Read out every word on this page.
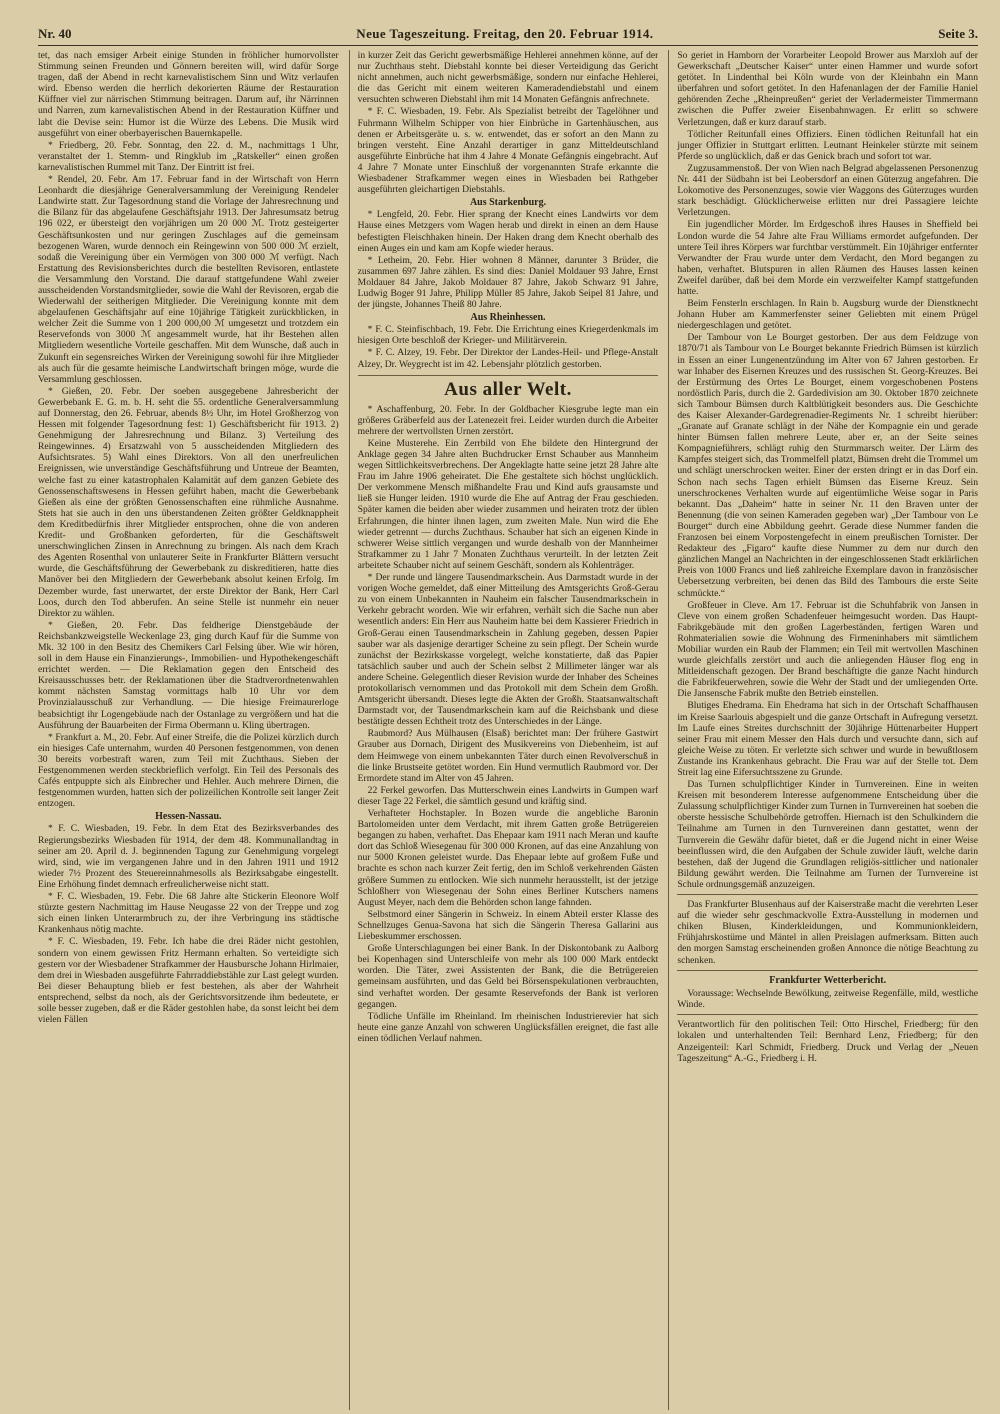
Nr. 40	Neue Tageszeitung. Freitag, den 20. Februar 1914.	Seite 3.

tet, das nach emsiger Arbeit einige Stunden in fröhlicher humorvollster Stimmung seinen Freunden und Gönnern bereiten will, wird dafür Sorge tragen, daß der Abend in recht karnevalistischem Sinn und Witz verlaufen wird. Ebenso werden die herrlich dekorierten Räume der Restauration Küffner viel zur närrischen Stimmung beitragen. Darum auf, ihr Närrinnen und Narren, zum karnevalistischen Abend in der Restauration Küffner und labt die Devise sein: Humor ist die Würze des Lebens. Die Musik wird ausgeführt von einer oberbayerischen Bauernkapelle.

* Friedberg, 20. Febr. Sonntag, den 22. d. M., nachmittags 1 Uhr, veranstaltet der 1. Stemm- und Ringklub im „Ratskeller“ einen großen karnevalistischen Rummel mit Tanz. Der Eintritt ist frei.

* Rendel, 20. Febr. Am 17. Februar fand in der Wirtschaft von Herrn Leonhardt die diesjährige Generalversammlung der Vereinigung Rendeler Landwirte statt. Zur Tagesordnung stand die Vorlage der Jahresrechnung und die Bilanz für das abgelaufene Geschäftsjahr 1913. Der Jahresumsatz betrug 196 022, er übersteigt den vorjährigen um 20 000 ℳ. Trotz gesteigerter Geschäftsunkosten und nur geringen Zuschlages auf die gemeinsam bezogenen Waren, wurde dennoch ein Reingewinn von 500 000 ℳ erzielt, sodaß die Vereinigung über ein Vermögen von 300 000 ℳ verfügt. Nach Erstattung des Revisionsberichtes durch die bestellten Revisoren, entlastete die Versammlung den Vorstand. Die darauf stattgefundene Wahl zweier ausscheidenden Vorstandsmitglieder, sowie die Wahl der Revisoren, ergab die Wiederwahl der seitherigen Mitglieder. Die Vereinigung konnte mit dem abgelaufenen Geschäftsjahr auf eine 10jährige Tätigkeit zurückblicken, in welcher Zeit die Summe von 1 200 000,00 ℳ umgesetzt und trotzdem ein Reservefonds von 3000 ℳ angesammelt wurde, hat ihr Bestehen allen Mitgliedern wesentliche Vorteile geschaffen. Mit dem Wunsche, daß auch in Zukunft ein segensreiches Wirken der Vereinigung sowohl für ihre Mitglieder als auch für die gesamte heimische Landwirtschaft bringen möge, wurde die Versammlung geschlossen.

* Gießen, 20. Febr. Der soeben ausgegebene Jahresbericht der Gewerbebank E. G. m. b. H. seht die 55. ordentliche Generalversammlung auf Donnerstag, den 26. Februar, abends 8½ Uhr, im Hotel Großherzog von Hessen mit folgender Tagesordnung fest: 1) Geschäftsbericht für 1913. 2) Genehmigung der Jahresrechnung und Bilanz. 3) Verteilung des Reingewinnes. 4) Ersatzwahl von 5 ausscheidenden Mitgliedern des Aufsichtsrates. 5) Wahl eines Direktors. Von all den unerfreulichen Ereignissen, wie unverständige Geschäftsführung und Untreue der Beamten, welche fast zu einer katastrophalen Kalamität auf dem ganzen Gebiete des Genossenschaftswesens in Hessen geführt haben, macht die Gewerbebank Gießen als eine der größten Genossenschaften eine rühmliche Ausnahme. Stets hat sie auch in den uns überstandenen Zeiten größter Geldknappheit dem Kreditbedürfnis ihrer Mitglieder entsprochen, ohne die von anderen Kredit- und Großbanken geforderten, für die Geschäftswelt unerschwinglichen Zinsen in Anrechnung zu bringen. Als nach dem Krach des Agenten Rosenthal von unlauterer Seite in Frankfurter Blättern versucht wurde, die Geschäftsführung der Gewerbebank zu diskreditieren, hatte dies Manöver bei den Mitgliedern der Gewerbebank absolut keinen Erfolg. Im Dezember wurde, fast unerwartet, der erste Direktor der Bank, Herr Carl Loos, durch den Tod abberufen. An seine Stelle ist nunmehr ein neuer Direktor zu wählen.

* Gießen, 20. Febr. Das feldherige Dienstgebäude der Reichsbankzweigstelle Weckenlage 23, ging durch Kauf für die Summe von Mk. 32 100 in den Besitz des Chemikers Carl Felsing über. Wie wir hören, soll in dem Hause ein Finanzierungs-, Immobilien- und Hypothekengeschäft errichtet werden. — Die Reklamation gegen den Entscheid des Kreisausschusses betr. der Reklamationen über die Stadtverordnetenwahlen kommt nächsten Samstag vormittags halb 10 Uhr vor dem Provinzialausschuß zur Verhandlung. — Die hiesige Freimaurerloge beabsichtigt ihr Logengebäude nach der Ostanlage zu vergrößern und hat die Ausführung der Bauarbeiten der Firma Obermann u. Kling übertragen.

* Frankfurt a. M., 20. Febr. Auf einer Streife, die die Polizei kürzlich durch ein hiesiges Cafe unternahm, wurden 40 Personen festgenommen, von denen 30 bereits vorbestraft waren, zum Teil mit Zuchthaus. Sieben der Festgenommenen werden steckbrieflich verfolgt. Ein Teil des Personals des Cafés entpuppte sich als Einbrecher und Hehler. Auch mehrere Dirnen, die festgenommen wurden, hatten sich der polizeilichen Kontrolle seit langer Zeit entzogen.

Hessen-Nassau.

* F. C. Wiesbaden, 19. Febr. In dem Etat des Bezirksverbandes des Regierungsbezirks Wiesbaden für 1914, der dem 48. Kommunallandtag in seiner am 20. April d. J. beginnenden Tagung zur Genehmigung vorgelegt wird, sind, wie im vergangenen Jahre und in den Jahren 1911 und 1912 wieder 7½ Prozent des Steuereinnahmesolls als Bezirksabgabe eingestellt. Eine Erhöhung findet demnach erfreulicherweise nicht statt.

* F. C. Wiesbaden, 19. Febr. Die 68 Jahre alte Stickerin Eleonore Wolf stürzte gestern Nachmittag im Hause Neugasse 22 von der Treppe und zog sich einen linken Unterarmbruch zu, der ihre Verbringung ins städtische Krankenhaus nötig machte.

* F. C. Wiesbaden, 19. Febr. Ich habe die drei Räder nicht gestohlen, sondern von einem gewissen Fritz Hermann erhalten. So verteidigte sich gestern vor der Wiesbadener Strafkammer der Hausbursche Johann Hirlmaier, dem drei in Wiesbaden ausgeführte Fahrraddiebstähle zur Last gelegt wurden. Bei dieser Behauptung blieb er fest bestehen, als aber der Wahrheit entsprechend, selbst da noch, als der Gerichtsvorsitzende ihm bedeutete, er solle besser zugeben, daß er die Räder gestohlen habe, da sonst leicht bei dem vielen Fällen

in kurzer Zeit das Gericht gewerbsmäßige Hehlerei annehmen könne, auf der nur Zuchthaus steht. Diebstahl konnte bei dieser Verteidigung das Gericht nicht annehmen, auch nicht gewerbsmäßige, sondern nur einfache Hehlerei, die das Gericht mit einem weiteren Kameradendiebstahl und einem versuchten schweren Diebstahl ihm mit 14 Monaten Gefängnis anfrechnete.

* F. C. Wiesbaden, 19. Febr. Als Spezialist betreibt der Tagelöhner und Fuhrmann Wilhelm Schipper von hier Einbrüche in Gartenhäuschen, aus denen er Arbeitsgeräte u. s. w. entwendet, das er sofort an den Mann zu bringen versteht. Eine Anzahl derartiger in ganz Mitteldeutschland ausgeführte Einbrüche hat ihm 4 Jahre 4 Monate Gefängnis eingebracht. Auf 4 Jahre 7 Monate unter Einschluß der vorgenannten Strafe erkannte die Wiesbadener Strafkammer wegen eines in Wiesbaden bei Rathgeber ausgeführten gleichartigen Diebstahls.

Aus Starkenburg.

* Lengfeld, 20. Febr. Hier sprang der Knecht eines Landwirts vor dem Hause eines Metzgers vom Wagen herab und direkt in einen an dem Hause befestigten Fleischhaken hinein. Der Haken drang dem Knecht oberhalb des einen Auges ein und kam am Kopfe wieder heraus.

* Letheim, 20. Febr. Hier wohnen 8 Männer, darunter 3 Brüder, die zusammen 697 Jahre zählen. Es sind dies: Daniel Moldauer 93 Jahre, Ernst Moldauer 84 Jahre, Jakob Moldauer 87 Jahre, Jakob Schwarz 91 Jahre, Ludwig Boger 91 Jahre, Philipp Müller 85 Jahre, Jakob Seipel 81 Jahre, und der jüngste, Johannes Theiß 80 Jahre.

Aus Rheinhessen.

* F. C. Steinfischbach, 19. Febr. Die Errichtung eines Kriegerdenkmals im hiesigen Orte beschloß der Krieger- und Militärverein.

* F. C. Alzey, 19. Febr. Der Direktor der Landes-Heil- und Pflege-Anstalt Alzey, Dr. Weygrecht ist im 42. Lebensjahr plötzlich gestorben.

Aus aller Welt.

* Aschaffenburg, 20. Febr. In der Goldbacher Kiesgrube legte man ein größeres Gräberfeld aus der Latenezeit frei. Leider wurden durch die Arbeiter mehrere der wertvollsten Urnen zerstört.

Keine Musterehe. Ein Zerrbild von Ehe bildete den Hintergrund der Anklage gegen 34 Jahre alten Buchdrucker Ernst Schauber aus Mannheim wegen Sittlichkeitsverbrechens. Der Angeklagte hatte seine jetzt 28 Jahre alte Frau im Jahre 1906 geheiratet. Die Ehe gestaltete sich höchst unglücklich. Der verkommene Mensch mißhandelte Frau und Kind aufs grausamste und ließ sie Hunger leiden. 1910 wurde die Ehe auf Antrag der Frau geschieden. Später kamen die beiden aber wieder zusammen und heiraten trotz der üblen Erfahrungen, die hinter ihnen lagen, zum zweiten Male. Nun wird die Ehe wieder getrennt — durchs Zuchthaus. Schauber hat sich an eigenen Kinde in schwerer Weise sittlich vergangen und wurde deshalb von der Mannheimer Strafkammer zu 1 Jahr 7 Monaten Zuchthaus verurteilt. In der letzten Zeit arbeitete Schauber nicht auf seinem Geschäft, sondern als Kohlenträger.

* Der runde und längere Tausendmarkschein. Aus Darmstadt wurde in der vorigen Woche gemeldet, daß einer Mitteilung des Amtsgerichts Groß-Gerau zu von einem Unbekannten in Nauheim ein falscher Tausendmarkschein in Verkehr gebracht worden. Wie wir erfahren, verhält sich die Sache nun aber wesentlich anders: Ein Herr aus Nauheim hatte bei dem Kassierer Friedrich in Groß-Gerau einen Tausendmarkschein in Zahlung gegeben, dessen Papier sauber war als dasjenige derartiger Scheine zu sein pflegt. Der Schein wurde zunächst der Bezirkskasse vorgelegt, welche konstatierte, daß das Papier tatsächlich sauber und auch der Schein selbst 2 Millimeter länger war als andere Scheine. Gelegentlich dieser Revision wurde der Inhaber des Scheines protokollarisch vernommen und das Protokoll mit dem Schein dem Großh. Amtsgericht übersandt. Dieses legte die Akten der Großh. Staatsanwaltschaft Darmstadt vor, der Tausendmarkschein kam auf die Reichsbank und diese bestätigte dessen Echtheit trotz des Unterschiedes in der Länge.

Raubmord? Aus Mülhausen (Elsaß) berichtet man: Der frühere Gastwirt Grauber aus Dornach, Dirigent des Musikvereins von Diebenheim, ist auf dem Heimwege von einem unbekannten Täter durch einen Revolverschuß in die linke Brustseite getötet worden. Ein Hund vermutlich Raubmord vor. Der Ermordete stand im Alter von 45 Jahren.

22 Ferkel geworfen. Das Mutterschwein eines Landwirts in Gumpen warf dieser Tage 22 Ferkel, die sämtlich gesund und kräftig sind.

Verhafteter Hochstapler. In Bozen wurde die angebliche Baronin Bartolomeiden unter dem Verdacht, mit ihrem Gatten große Betrügereien begangen zu haben, verhaftet. Das Ehepaar kam 1911 nach Meran und kaufte dort das Schloß Wiesegenau für 300 000 Kronen, auf das eine Anzahlung von nur 5000 Kronen geleistet wurde. Das Ehepaar lebte auf großem Fuße und brachte es schon nach kurzer Zeit fertig, den im Schloß verkehrenden Gästen größere Summen zu entlocken. Wie sich nunmehr herausstellt, ist der jetzige Schloßherr von Wiesegenau der Sohn eines Berliner Kutschers namens August Meyer, nach dem die Behörden schon lange fahnden.

Selbstmord einer Sängerin in Schweiz. In einem Abteil erster Klasse des Schnellzuges Genua-Savona hat sich die Sängerin Theresa Gallarini aus Liebeskummer erschossen.

Große Unterschlagungen bei einer Bank. In der Diskontobank zu Aalborg bei Kopenhagen sind Unterschleife von mehr als 100 000 Mark entdeckt worden. Die Täter, zwei Assistenten der Bank, die die Betrügereien gemeinsam ausführten, und das Geld bei Börsenspekulationen verbrauchten, sind verhaftet worden. Der gesamte Reservefonds der Bank ist verloren gegangen.

Tödliche Unfälle im Rheinland. Im rheinischen Industrierevier hat sich heute eine ganze Anzahl von schweren Unglücksfällen ereignet, die fast alle einen tödlichen Verlauf nahmen.

So geriet in Hamborn der Vorarbeiter Leopold Brower aus Marxloh auf der Gewerkschaft „Deutscher Kaiser“ unter einen Hammer und wurde sofort getötet. In Lindenthal bei Köln wurde von der Kleinbahn ein Mann überfahren und sofort getötet. In den Hafenanlagen der der Familie Haniel gehörenden Zeche „Rheinpreußen“ geriet der Verladermeister Timmermann zwischen die Puffer zweier Eisenbahnwagen. Er erlitt so schwere Verletzungen, daß er kurz darauf starb.

Tötlicher Reitunfall eines Offiziers. Einen tödlichen Reitunfall hat ein junger Offizier in Stuttgart erlitten. Leutnant Heinkeler stürzte mit seinem Pferde so unglücklich, daß er das Genick brach und sofort tot war.

Zugzusammenstoß. Der von Wien nach Belgrad abgelassenen Personenzug Nr. 441 der Südbahn ist bei Leobersdorf an einen Güterzug angefahren. Die Lokomotive des Personenzuges, sowie vier Waggons des Güterzuges wurden stark beschädigt. Glücklicherweise erlitten nur drei Passagiere leichte Verletzungen.

Ein jugendlicher Mörder. Im Erdgeschoß ihres Hauses in Sheffield bei London wurde die 54 Jahre alte Frau Williams ermordet aufgefunden. Der untere Teil ihres Körpers war furchtbar verstümmelt. Ein 10jähriger entfernter Verwandter der Frau wurde unter dem Verdacht, den Mord begangen zu haben, verhaftet. Blutspuren in allen Räumen des Hauses lassen keinen Zweifel darüber, daß bei dem Morde ein verzweifelter Kampf stattgefunden hatte.

Beim Fensterln erschlagen. In Rain b. Augsburg wurde der Dienstknecht Johann Huber am Kammerfenster seiner Geliebten mit einem Prügel niedergeschlagen und getötet.

Der Tambour von Le Bourget gestorben. Der aus dem Feldzuge von 1870/71 als Tambour von Le Bourget bekannte Friedrich Bümsen ist kürzlich in Essen an einer Lungenentzündung im Alter von 67 Jahren gestorben. Er war Inhaber des Eisernen Kreuzes und des russischen St. Georg-Kreuzes. Bei der Erstürmung des Ortes Le Bourget, einem vorgeschobenen Postens nordöstlich Paris, durch die 2. Gardedivision am 30. Oktober 1870 zeichnete sich Tambour Bümsen durch Kaltblütigkeit besonders aus. Die Geschichte des Kaiser Alexander-Gardegrenadier-Regiments Nr. 1 schreibt hierüber: „Granate auf Granate schlägt in der Nähe der Kompagnie ein und gerade hinter Bümsen fallen mehrere Leute, aber er, an der Seite seines Kompagnieführers, schlägt ruhig den Sturmmarsch weiter. Der Lärm des Kampfes steigert sich, das Trommelfell platzt, Bümsen dreht die Trommel um und schlägt unerschrocken weiter. Einer der ersten dringt er in das Dorf ein. Schon nach sechs Tagen erhielt Bümsen das Eiserne Kreuz. Sein unerschrockenes Verhalten wurde auf eigentümliche Weise sogar in Paris bekannt. Das „Daheim“ hatte in seiner Nr. 11 den Braven unter der Benennung (die von seinen Kameraden gegeben war) „Der Tambour von Le Bourget“ durch eine Abbildung geehrt. Gerade diese Nummer fanden die Franzosen bei einem Vorpostengefecht in einem preußischen Tornister. Der Redakteur des „Figaro“ kaufte diese Nummer zu dem nur durch den gänzlichen Mangel an Nachrichten in der eingeschlossenen Stadt erklärlichen Preis von 1000 Francs und ließ zahlreiche Exemplare davon in französischer Uebersetzung verbreiten, bei denen das Bild des Tambours die erste Seite schmückte.“

Großfeuer in Cleve. Am 17. Februar ist die Schuhfabrik von Jansen in Cleve von einem großen Schadenfeuer heimgesucht worden. Das Haupt-Fabrikgebäude mit den großen Lagerbeständen, fertigen Waren und Rohmaterialien sowie die Wohnung des Firmeninhabers mit sämtlichem Mobiliar wurden ein Raub der Flammen; ein Teil mit wertvollen Maschinen wurde gleichfalls zerstört und auch die anliegenden Häuser flog eng in Mitleidenschaft gezogen. Der Brand beschäftigte die ganze Nacht hindurch die Fabrikfeuerwehren, sowie die Wehr der Stadt und der umliegenden Orte. Die Jansensche Fabrik mußte den Betrieb einstellen.

Blutiges Ehedrama. Ein Ehedrama hat sich in der Ortschaft Schaffhausen im Kreise Saarlouis abgespielt und die ganze Ortschaft in Aufregung versetzt. Im Laufe eines Streites durchschnitt der 30jährige Hüttenarbeiter Huppert seiner Frau mit einem Messer den Hals durch und versuchte dann, sich auf gleiche Weise zu töten. Er verletzte sich schwer und wurde in bewußtlosem Zustande ins Krankenhaus gebracht. Die Frau war auf der Stelle tot. Dem Streit lag eine Eifersuchtsszene zu Grunde.

Das Turnen schulpflichtiger Kinder in Turnvereinen. Eine in weiten Kreisen mit besonderem Interesse aufgenommene Entscheidung über die Zulassung schulpflichtiger Kinder zum Turnen in Turnvereinen hat soeben die oberste hessische Schulbehörde getroffen. Hiernach ist den Schulkindern die Teilnahme am Turnen in den Turnvereinen dann gestattet, wenn der Turnverein die Gewähr dafür bietet, daß er die Jugend nicht in einer Weise beeinflussen wird, die den Aufgaben der Schule zuwider läuft, welche darin bestehen, daß der Jugend die Grundlagen religiös-sittlicher und nationaler Bildung gewährt werden. Die Teilnahme am Turnen der Turnvereine ist Schule ordnungsgemäß anzuzeigen.

Das Frankfurter Blusenhaus auf der Kaiserstraße macht die verehrten Leser auf die wieder sehr geschmackvolle Extra-Ausstellung in modernen und chiken Blusen, Kinderkleidungen, und Kommunionkleidern, Frühjahrskostüme und Mäntel in allen Preislagen aufmerksam. Bitten auch den morgen Samstag erscheinenden großen Annonce die nötige Beachtung zu schenken.

Frankfurter Wetterbericht.

Voraussage: Wechselnde Bewölkung, zeitweise Regenfälle, mild, westliche Winde.

Verantwortlich für den politischen Teil: Otto Hirschel, Friedberg; für den lokalen und unterhaltenden Teil: Bernhard Lenz, Friedberg; für den Anzeigenteil: Karl Schmidt, Friedberg. Druck und Verlag der „Neuen Tageszeitung“ A.-G., Friedberg i. H.
